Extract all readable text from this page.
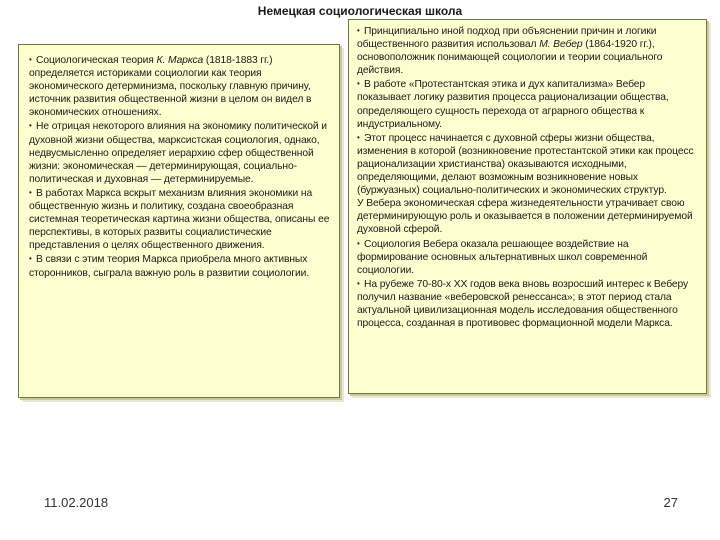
Немецкая социологическая школа

• Социологическая теория К. Маркса (1818-1883 гг.) определяется историками социологии как теория экономического детерминизма, поскольку главную причину, источник развития общественной жизни в целом он видел в экономических отношениях.

• Не отрицая некоторого влияния на экономику политической и духовной жизни общества, марксистская социология, однако, недвусмысленно определяет иерархию сфер общественной жизни: экономическая — детерминирующая, социально-политическая и духовная — детерминируемые.

• В работах Маркса вскрыт механизм влияния экономики на общественную жизнь и политику, создана своеобразная системная теоретическая картина жизни общества, описаны ее перспективы, в которых развиты социалистические представления о целях общественного движения.

• В связи с этим теория Маркса приобрела много активных сторонников, сыграла важную роль в развитии социологии.

• Принципиально иной подход при объяснении причин и логики общественного развития использовал М. Вебер (1864-1920 гг.), основоположник понимающей социологии и теории социального действия.

• В работе «Протестантская этика и дух капитализма» Вебер показывает логику развития процесса рационализации общества, определяющего сущность перехода от аграрного общества к индустриальному.

• Этот процесс начинается с духовной сферы жизни общества, изменения в которой (возникновение протестантской этики как процесс рационализации христианства) оказываются исходными, определяющими, делают возможным возникновение новых (буржуазных) социально-политических и экономических структур.

У Вебера экономическая сфера жизнедеятельности утрачивает свою детерминирующую роль и оказывается в положении детерминируемой духовной сферой.

• Социология Вебера оказала решающее воздействие на формирование основных альтернативных школ современной социологии.

• На рубеже 70-80-х XX годов века вновь возросший интерес к Веберу получил название «веберовской ренессанса»; в этот период стала актуальной цивилизационная модель исследования общественного процесса, созданная в противовес формационной модели Маркса.

11.02.2018	27
